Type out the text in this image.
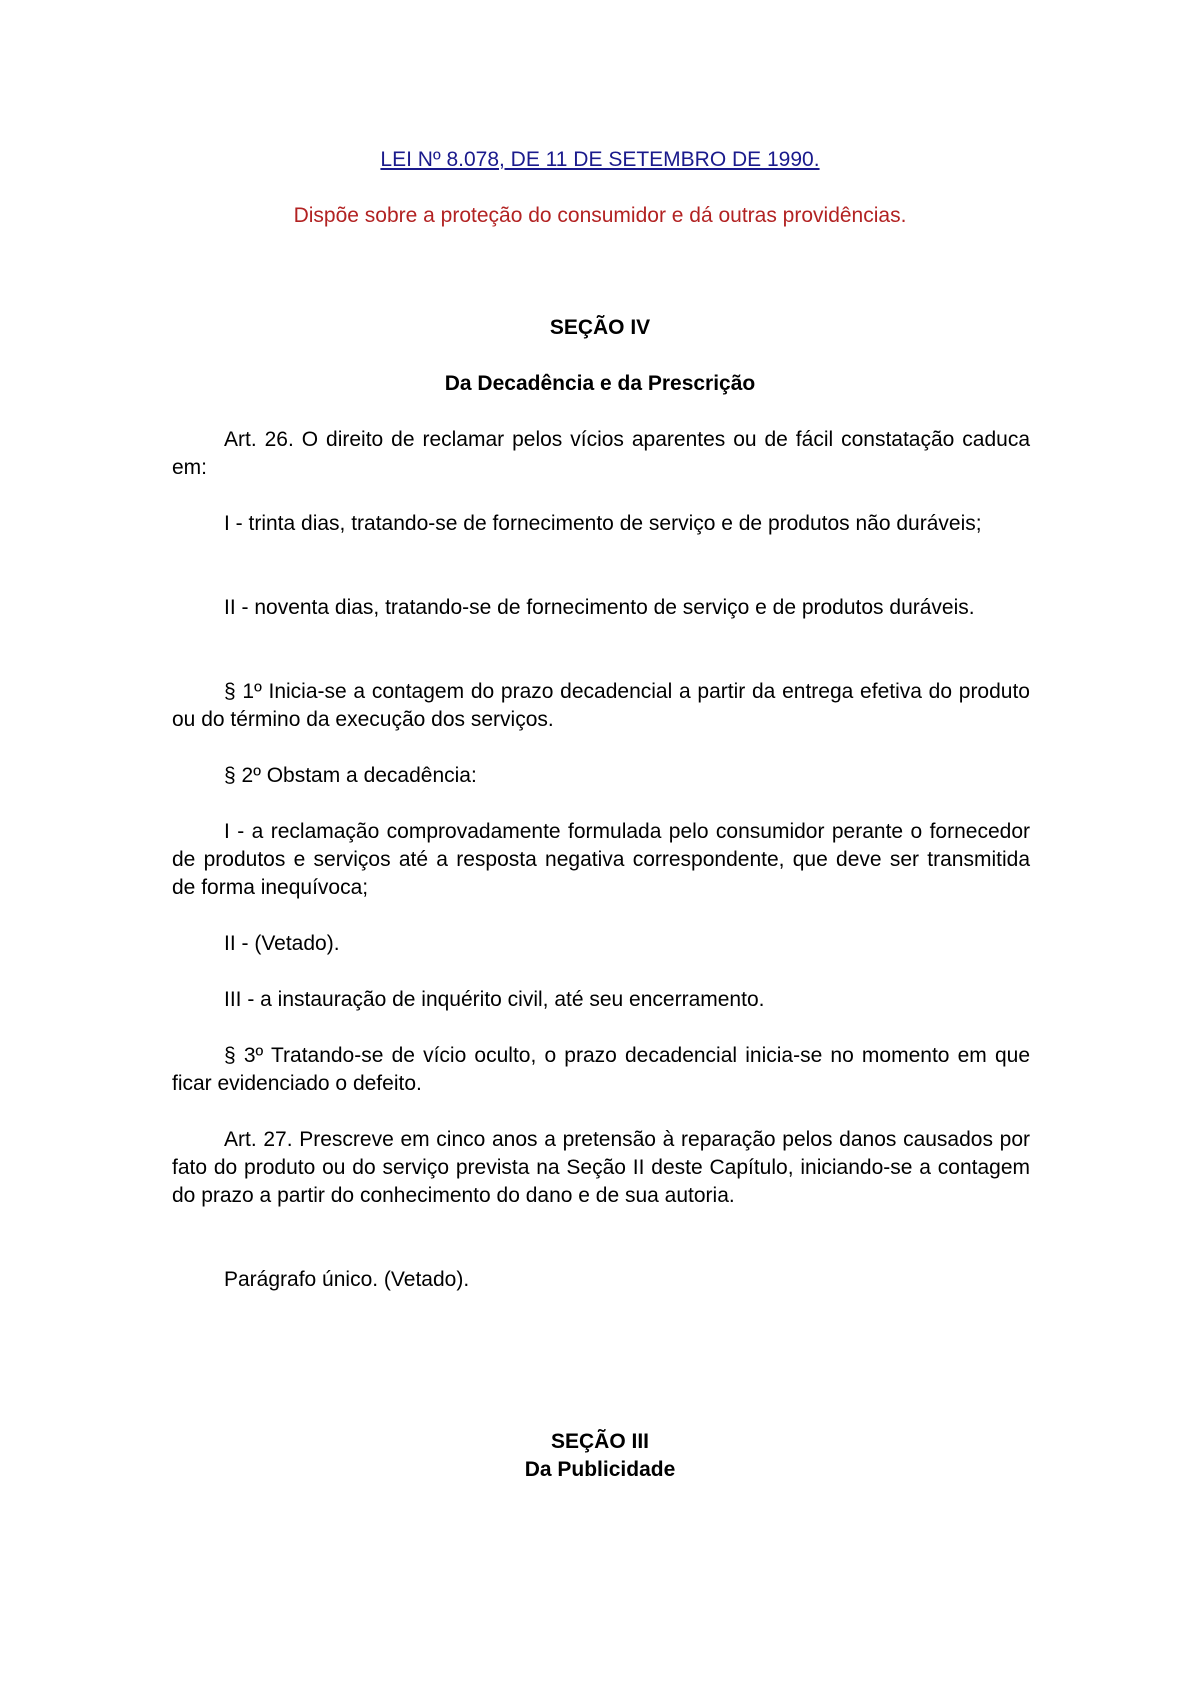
LEI Nº 8.078, DE 11 DE SETEMBRO DE 1990.
Dispõe sobre a proteção do consumidor e dá outras providências.
SEÇÃO IV
Da Decadência e da Prescrição

Art. 26. O direito de reclamar pelos vícios aparentes ou de fácil constatação caduca em:

I - trinta dias, tratando-se de fornecimento de serviço e de produtos não duráveis;

II - noventa dias, tratando-se de fornecimento de serviço e de produtos duráveis.

§ 1º Inicia-se a contagem do prazo decadencial a partir da entrega efetiva do produto ou do término da execução dos serviços.

§ 2º Obstam a decadência:

I - a reclamação comprovadamente formulada pelo consumidor perante o fornecedor de produtos e serviços até a resposta negativa correspondente, que deve ser transmitida de forma inequívoca;

II - (Vetado).

III - a instauração de inquérito civil, até seu encerramento.

§ 3º Tratando-se de vício oculto, o prazo decadencial inicia-se no momento em que ficar evidenciado o defeito.

Art. 27. Prescreve em cinco anos a pretensão à reparação pelos danos causados por fato do produto ou do serviço prevista na Seção II deste Capítulo, iniciando-se a contagem do prazo a partir do conhecimento do dano e de sua autoria.

Parágrafo único. (Vetado).

SEÇÃO III
Da Publicidade
